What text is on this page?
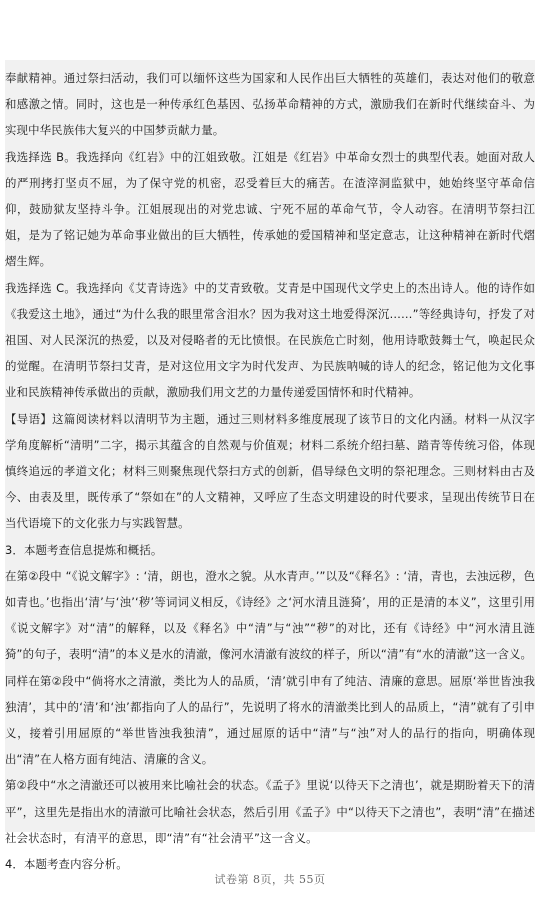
奉献精神。通过祭扫活动，我们可以缅怀这些为国家和人民作出巨大牺牲的英雄们，表达对他们的敬意和感激之情。同时，这也是一种传承红色基因、弘扬革命精神的方式，激励我们在新时代继续奋斗、为实现中华民族伟大复兴的中国梦贡献力量。

我选择选 B。我选择向《红岩》中的江姐致敬。江姐是《红岩》中革命女烈士的典型代表。她面对敌人的严刑拷打坚贞不屈，为了保守党的机密，忍受着巨大的痛苦。在渣滓洞监狱中，她始终坚守革命信仰，鼓励狱友坚持斗争。江姐展现出的对党忠诚、宁死不屈的革命气节，令人动容。在清明节祭扫江姐，是为了铭记她为革命事业做出的巨大牺牲，传承她的爱国精神和坚定意志，让这种精神在新时代熠熠生辉。

我选择选 C。我选择向《艾青诗选》中的艾青致敬。艾青是中国现代文学史上的杰出诗人。他的诗作如《我爱这土地》，通过“为什么我的眼里常含泪水？因为我对这土地爱得深沉……”等经典诗句，抒发了对祖国、对人民深沉的热爱，以及对侵略者的无比愤恨。在民族危亡时刻，他用诗歌鼓舞士气，唤起民众的觉醒。在清明节祭扫艾青，是对这位用文字为时代发声、为民族呐喊的诗人的纪念，铭记他为文化事业和民族精神传承做出的贡献，激励我们用文艺的力量传递爱国情怀和时代精神。

【导语】这篇阅读材料以清明节为主题，通过三则材料多维度展现了该节日的文化内涵。材料一从汉字学角度解析“清明”二字，揭示其蕴含的自然观与价值观；材料二系统介绍扫墓、踏青等传统习俗，体现慎终追远的孝道文化；材料三则聚焦现代祭扫方式的创新，倡导绿色文明的祭祀理念。三则材料由古及今、由表及里，既传承了“祭如在”的人文精神，又呼应了生态文明建设的时代要求，呈现出传统节日在当代语境下的文化张力与实践智慧。

3．本题考查信息提炼和概括。

在第②段中 “《说文解字》: ‘清，朗也，澄水之貌。从水青声。’”以及“《释名》: ‘清，青也，去浊远秽，色如青也。’也指出‘清’与‘浊’‘秽’等词词义相反，《诗经》之‘河水清且涟猗’，用的正是清的本义”，这里引用《说文解字》对“清”的解释，以及《释名》中“清”与“浊”“秽”的对比，还有《诗经》中“河水清且涟猗”的句子，表明“清”的本义是水的清澈，像河水清澈有波纹的样子，所以“清”有“水的清澈”这一含义。

同样在第②段中“倘将水之清澈，类比为人的品质，‘清’就引申有了纯洁、清廉的意思。屈原‘举世皆浊我独清’，其中的‘清’和‘浊’都指向了人的品行”，先说明了将水的清澈类比到人的品质上，“清”就有了引申义，接着引用屈原的“举世皆浊我独清”，通过屈原的话中“清”与“浊”对人的品行的指向，明确体现出“清”在人格方面有纯洁、清廉的含义。

第②段中“水之清澈还可以被用来比喻社会的状态。《孟子》里说‘以待天下之清也’，就是期盼着天下的清平”，这里先是指出水的清澈可比喻社会状态，然后引用《孟子》中“以待天下之清也”，表明“清”在描述社会状态时，有清平的意思，即“清”有“社会清平”这一含义。

4．本题考查内容分析。

试卷第 8页，共 55页
